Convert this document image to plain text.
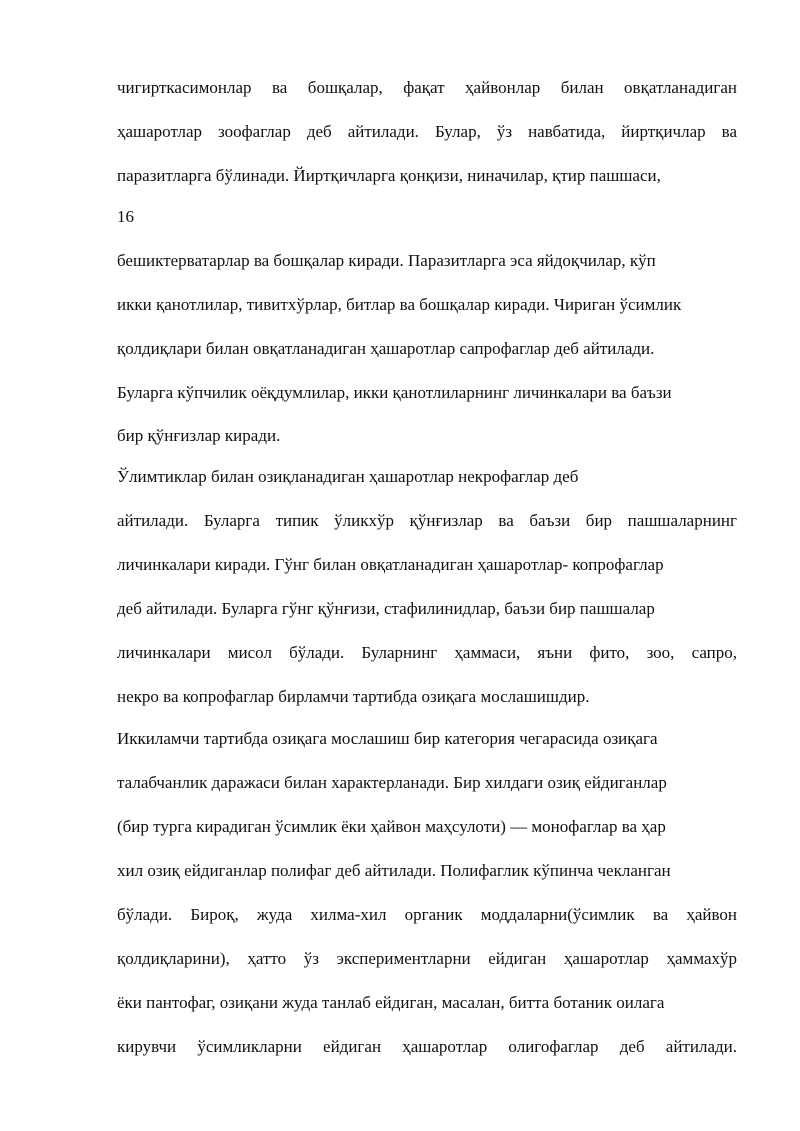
чигирткасимонлар ва бошқалар, фақат ҳайвонлар билан овқатланадиган
ҳашаротлар зоофаглар деб айтилади. Булар, ўз навбатида, йиртқичлар ва
паразитларга бўлинади. Йиртқичларга қонқизи, ниначилар, қтир пашшаси,
16
бешиктерватарлар ва бошқалар киради. Паразитларга эса яйдоқчилар, кўп
икки қанотлилар, тивитхўрлар, битлар ва бошқалар киради. Чириган ўсимлик
қолдиқлари билан овқатланадиган ҳашаротлар сапрофаглар деб айтилади.
Буларга кўпчилик оёқдумлилар, икки қанотлиларнинг личинкалари ва баъзи
бир қўнғизлар киради.
Ўлимтиклар билан озиқланадиган ҳашаротлар некрофаглар деб
айтилади. Буларга типик ўликхўр қўнғизлар ва баъзи бир пашшаларнинг
личинкалари киради. Гўнг билан овқатланадиган ҳашаротлар- копрофаглар
деб айтилади. Буларга гўнг қўнғизи, стафилинидлар, баъзи бир пашшалар
личинкалари мисол бўлади. Буларнинг ҳаммаси, яъни фито, зоо, сапро,
некро ва копрофаглар бирламчи тартибда озиқага мослашишдир.
Иккиламчи тартибда озиқага мослашиш бир категория чегарасида озиқага
талабчанлик даражаси билан характерланади. Бир хилдаги озиқ ейдиганлар
(бир турга кирадиган ўсимлик ёки ҳайвон маҳсулоти) — монофаглар ва ҳар
хил озиқ ейдиганлар полифаг деб айтилади. Полифаглик кўпинча чекланган
бўлади. Бироқ, жуда хилма-хил органик моддаларни(ўсимлик ва ҳайвон
қолдиқларини), ҳатто ўз экспериментларни ейдиган ҳашаротлар ҳаммахўр
ёки пантофаг, озиқани жуда танлаб ейдиган, масалан, битта ботаник оилага
кирувчи ўсимликларни ейдиган ҳашаротлар олигофаглар деб айтилади.
